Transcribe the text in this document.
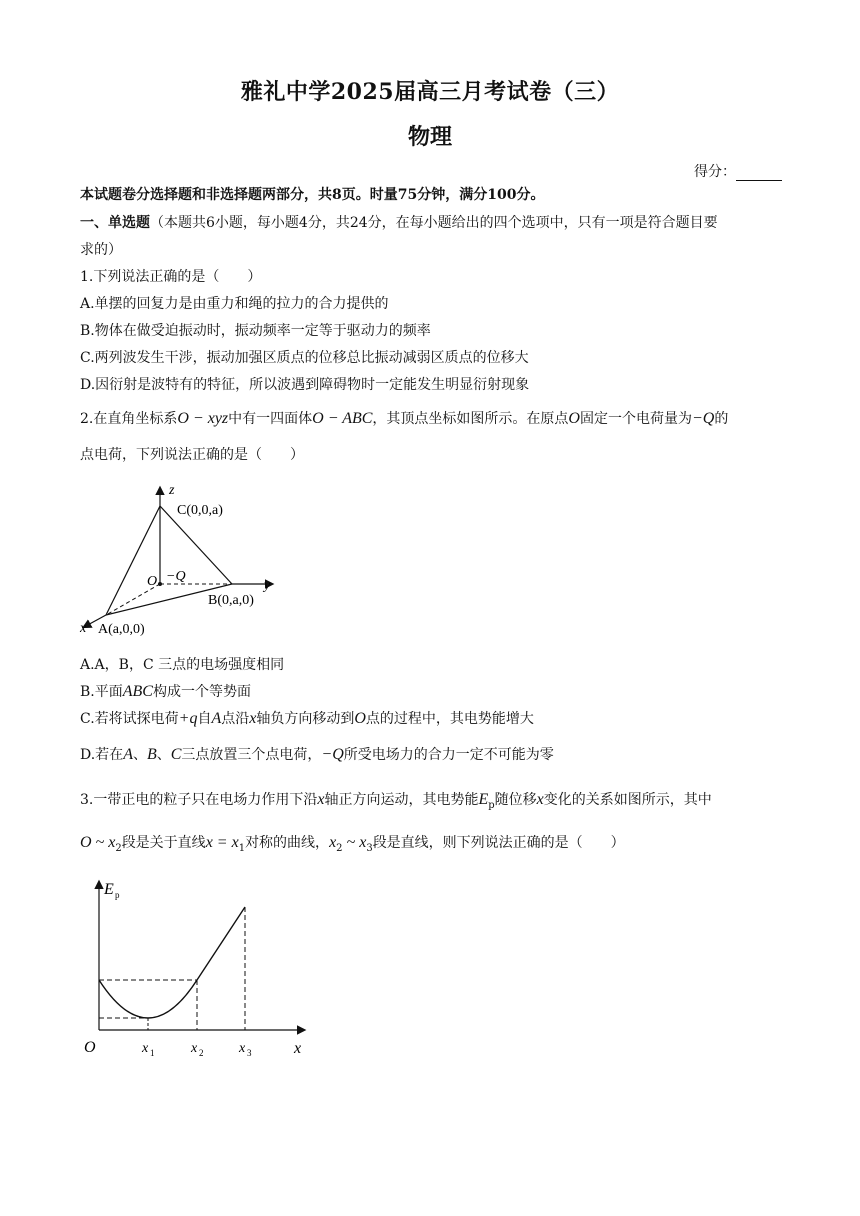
雅礼中学2025届高三月考试卷（三）
物理
得分：
本试题卷分选择题和非选择题两部分，共8页。时量75分钟，满分100分。
一、单选题（本题共6小题，每小题4分，共24分，在每小题给出的四个选项中，只有一项是符合题目要
求的）
1.下列说法正确的是（　　）
A.单摆的回复力是由重力和绳的拉力的合力提供的
B.物体在做受迫振动时，振动频率一定等于驱动力的频率
C.两列波发生干涉，振动加强区质点的位移总比振动减弱区质点的位移大
D.因衍射是波特有的特征，所以波遇到障碍物时一定能发生明显衍射现象
2.在直角坐标系O − xyz中有一四面体O − ABC，其顶点坐标如图所示。在原点O固定一个电荷量为−Q的
点电荷，下列说法正确的是（　　）
z
y
x
C(0,0,a)
O −Q
B(0,a,0)
A(a,0,0)
A.A，B，C 三点的电场强度相同
B.平面ABC构成一个等势面
C.若将试探电荷+q自A点沿x轴负方向移动到O点的过程中，其电势能增大
D.若在A、B、C三点放置三个点电荷，−Q所受电场力的合力一定不可能为零
3.一带正电的粒子只在电场力作用下沿x轴正方向运动，其电势能$E_p$随位移x变化的关系如图所示，其中
O ~ $x_2$段是关于直线$x = x_1$对称的曲线，$x_2$ ~ $x_3$段是直线，则下列说法正确的是（　　）
E p
O	x
x 1	x 2	x 3
